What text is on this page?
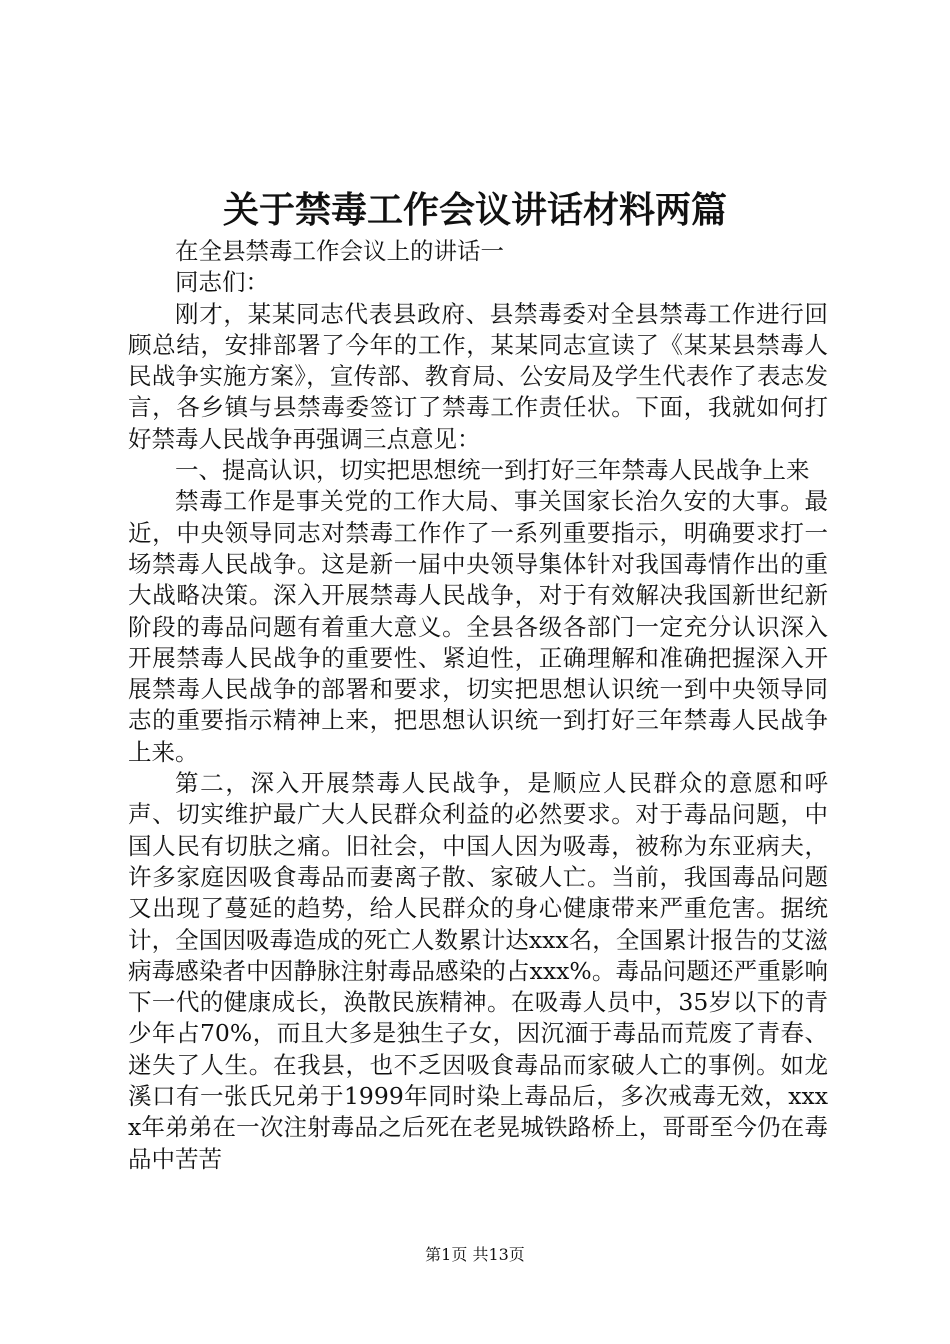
关于禁毒工作会议讲话材料两篇

在全县禁毒工作会议上的讲话一

同志们：

刚才，某某同志代表县政府、县禁毒委对全县禁毒工作进行回顾总结，安排部署了今年的工作，某某同志宣读了《某某县禁毒人民战争实施方案》，宣传部、教育局、公安局及学生代表作了表志发言，各乡镇与县禁毒委签订了禁毒工作责任状。下面，我就如何打好禁毒人民战争再强调三点意见：

一、提高认识，切实把思想统一到打好三年禁毒人民战争上来

禁毒工作是事关党的工作大局、事关国家长治久安的大事。最近，中央领导同志对禁毒工作作了一系列重要指示，明确要求打一场禁毒人民战争。这是新一届中央领导集体针对我国毒情作出的重大战略决策。深入开展禁毒人民战争，对于有效解决我国新世纪新阶段的毒品问题有着重大意义。全县各级各部门一定充分认识深入开展禁毒人民战争的重要性、紧迫性，正确理解和准确把握深入开展禁毒人民战争的部署和要求，切实把思想认识统一到中央领导同志的重要指示精神上来，把思想认识统一到打好三年禁毒人民战争上来。

第二，深入开展禁毒人民战争，是顺应人民群众的意愿和呼声、切实维护最广大人民群众利益的必然要求。对于毒品问题，中国人民有切肤之痛。旧社会，中国人因为吸毒，被称为东亚病夫，许多家庭因吸食毒品而妻离子散、家破人亡。当前，我国毒品问题又出现了蔓延的趋势，给人民群众的身心健康带来严重危害。据统计，全国因吸毒造成的死亡人数累计达xxx名，全国累计报告的艾滋病毒感染者中因静脉注射毒品感染的占xxx%。毒品问题还严重影响下一代的健康成长，涣散民族精神。在吸毒人员中，35岁以下的青少年占70%，而且大多是独生子女，因沉湎于毒品而荒废了青春、迷失了人生。在我县，也不乏因吸食毒品而家破人亡的事例。如龙溪口有一张氏兄弟于1999年同时染上毒品后，多次戒毒无效，xxxx年弟弟在一次注射毒品之后死在老晃城铁路桥上，哥哥至今仍在毒品中苦苦

第1页 共13页
